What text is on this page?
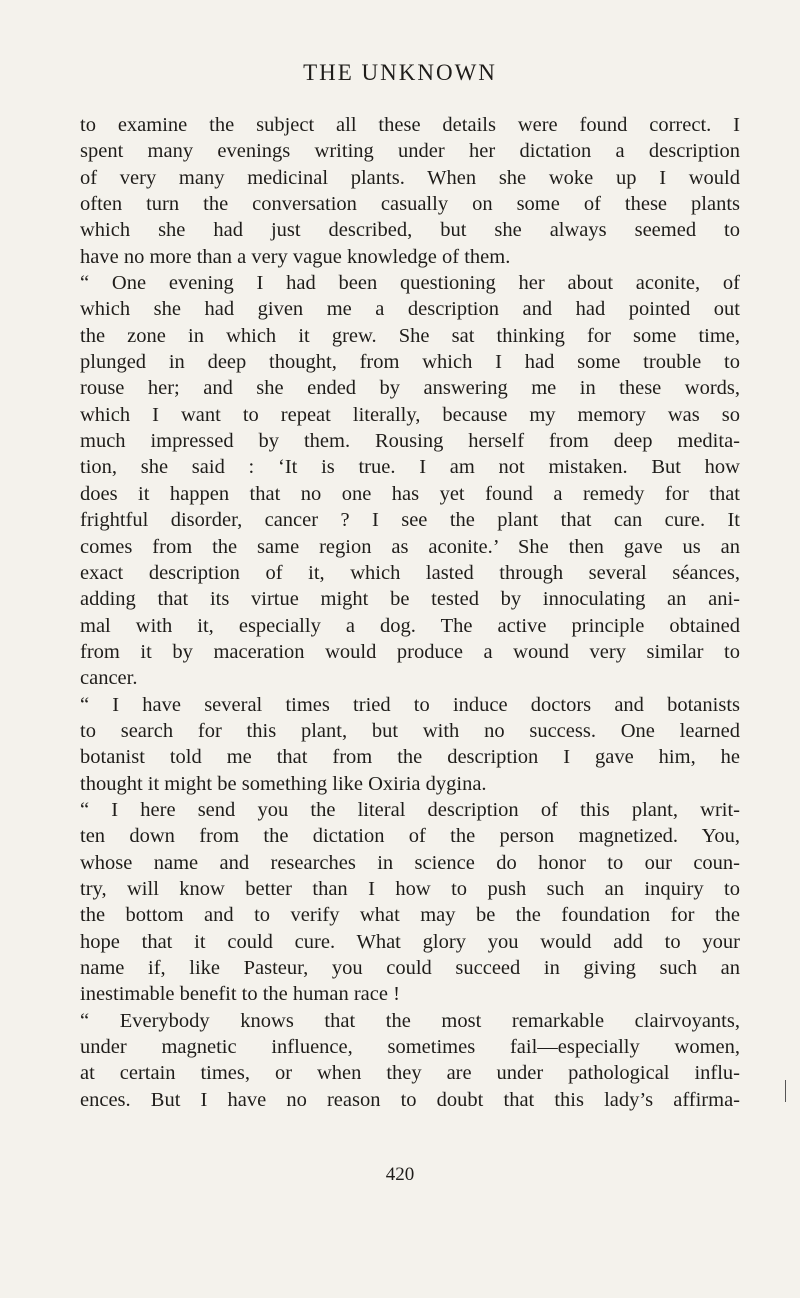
THE UNKNOWN
to examine the subject all these details were found correct. I
spent many evenings writing under her dictation a description
of very many medicinal plants. When she woke up I would
often turn the conversation casually on some of these plants
which she had just described, but she always seemed to
have no more than a very vague knowledge of them.
“ One evening I had been questioning her about aconite, of
which she had given me a description and had pointed out
the zone in which it grew. She sat thinking for some time,
plunged in deep thought, from which I had some trouble to
rouse her; and she ended by answering me in these words,
which I want to repeat literally, because my memory was so
much impressed by them. Rousing herself from deep medita-
tion, she said : ‘It is true. I am not mistaken. But how
does it happen that no one has yet found a remedy for that
frightful disorder, cancer ? I see the plant that can cure. It
comes from the same region as aconite.’ She then gave us an
exact description of it, which lasted through several séances,
adding that its virtue might be tested by innoculating an ani-
mal with it, especially a dog. The active principle obtained
from it by maceration would produce a wound very similar to
cancer.
“ I have several times tried to induce doctors and botanists
to search for this plant, but with no success. One learned
botanist told me that from the description I gave him, he
thought it might be something like Oxiria dygina.
“ I here send you the literal description of this plant, writ-
ten down from the dictation of the person magnetized. You,
whose name and researches in science do honor to our coun-
try, will know better than I how to push such an inquiry to
the bottom and to verify what may be the foundation for the
hope that it could cure. What glory you would add to your
name if, like Pasteur, you could succeed in giving such an
inestimable benefit to the human race !
“ Everybody knows that the most remarkable clairvoyants,
under magnetic influence, sometimes fail—especially women,
at certain times, or when they are under pathological influ-
ences. But I have no reason to doubt that this lady’s affirma-
420
